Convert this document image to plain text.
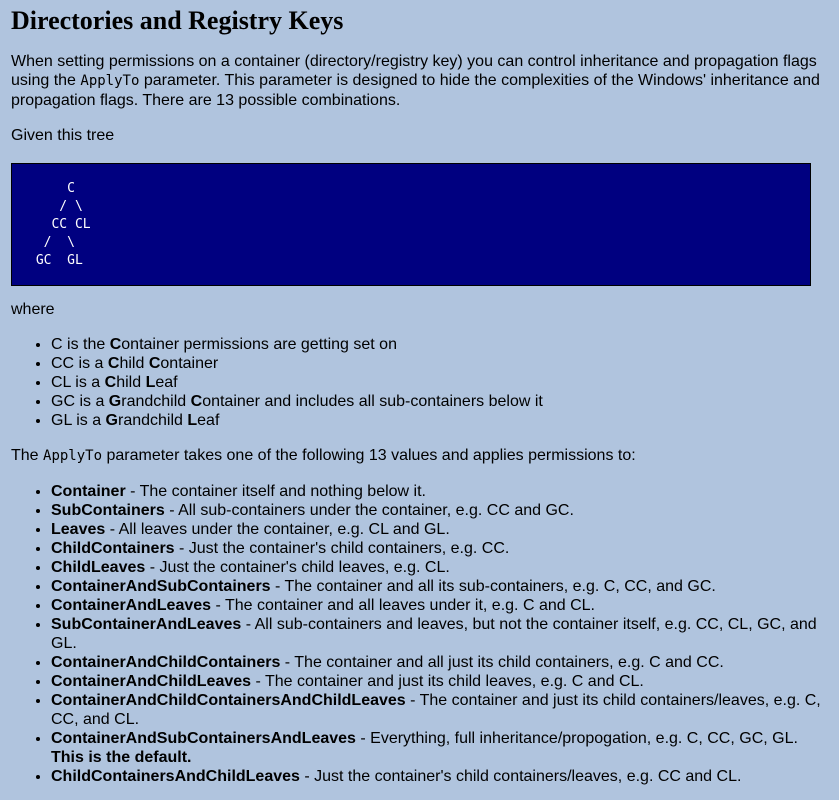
Directories and Registry Keys

When setting permissions on a container (directory/registry key) you can control inheritance and propagation flags using the ApplyTo parameter. This parameter is designed to hide the complexities of the Windows' inheritance and propagation flags. There are 13 possible combinations.

Given this tree

C
/ \
CC CL
/  \
GC  GL

where

• C is the Container permissions are getting set on
• CC is a Child Container
• CL is a Child Leaf
• GC is a Grandchild Container and includes all sub-containers below it
• GL is a Grandchild Leaf

The ApplyTo parameter takes one of the following 13 values and applies permissions to:

• Container - The container itself and nothing below it.
• SubContainers - All sub-containers under the container, e.g. CC and GC.
• Leaves - All leaves under the container, e.g. CL and GL.
• ChildContainers - Just the container's child containers, e.g. CC.
• ChildLeaves - Just the container's child leaves, e.g. CL.
• ContainerAndSubContainers - The container and all its sub-containers, e.g. C, CC, and GC.
• ContainerAndLeaves - The container and all leaves under it, e.g. C and CL.
• SubContainerAndLeaves - All sub-containers and leaves, but not the container itself, e.g. CC, CL, GC, and GL.
• ContainerAndChildContainers - The container and all just its child containers, e.g. C and CC.
• ContainerAndChildLeaves - The container and just its child leaves, e.g. C and CL.
• ContainerAndChildContainersAndChildLeaves - The container and just its child containers/leaves, e.g. C, CC, and CL.
• ContainerAndSubContainersAndLeaves - Everything, full inheritance/propogation, e.g. C, CC, GC, GL.
This is the default.
• ChildContainersAndChildLeaves - Just the container's child containers/leaves, e.g. CC and CL.
